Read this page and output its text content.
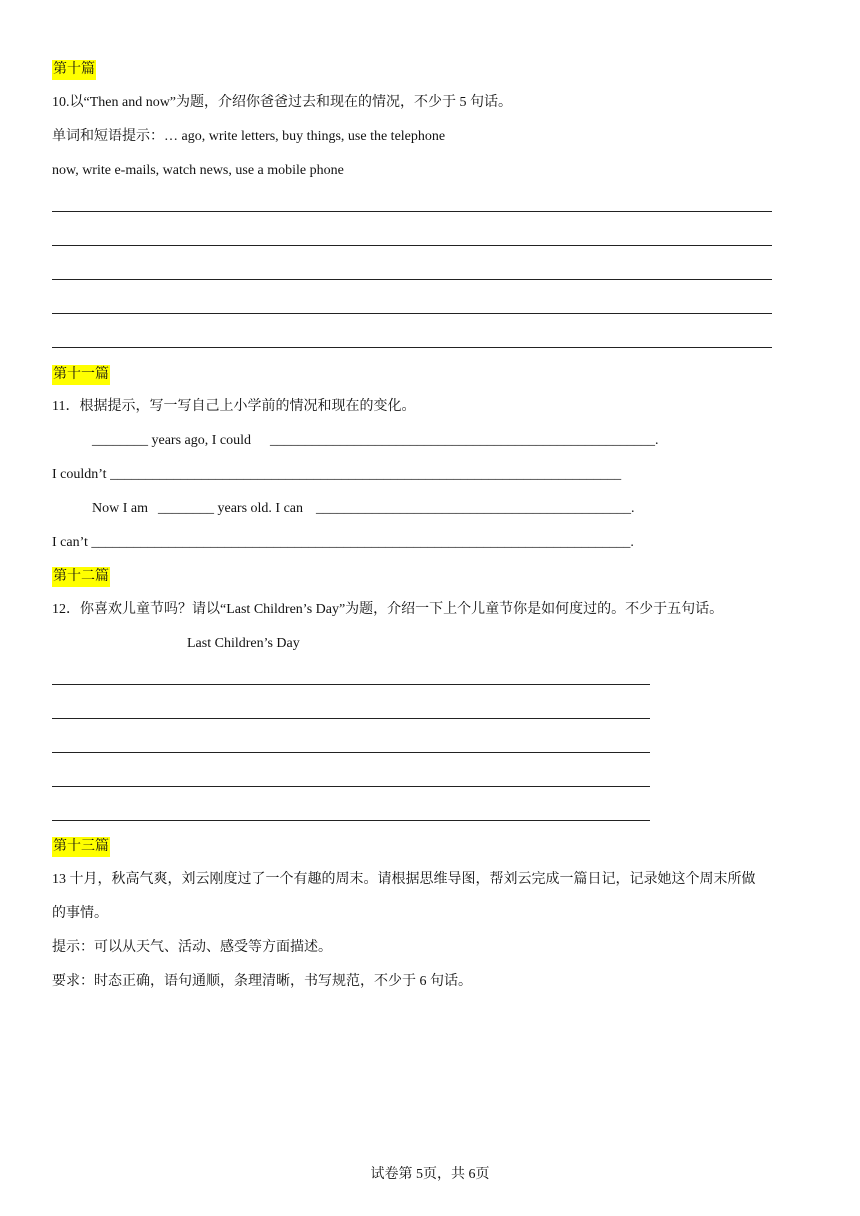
第十篇
10.以“Then and now”为题，介绍你爸爸过去和现在的情况，不少于 5 句话。
单词和短语提示：… ago, write letters, buy things, use the telephone
now, write e-mails, watch news, use a mobile phone
第十一篇
11．根据提示，写一写自己上小学前的情况和现在的变化。
________ years ago, I could _______________________________________________________.
I couldn’t _________________________________________________________________________
Now I am ________ years old. I can _____________________________________________.
I can’t _____________________________________________________________________________.
第十二篇
12．你喜欢儿童节吗？请以“Last Children’s Day”为题，介绍一下上个儿童节你是如何度过的。不少于五句话。
Last Children’s Day
第十三篇
13 十月，秋高气爽，刘云刚度过了一个有趣的周末。请根据思维导图，帮刘云完成一篇日记，记录她这个周末所做
的事情。
提示：可以从天气、活动、感受等方面描述。
要求：时态正确，语句通顺，条理清晰，书写规范，不少于 6 句话。
试卷第 5页，共 6页
